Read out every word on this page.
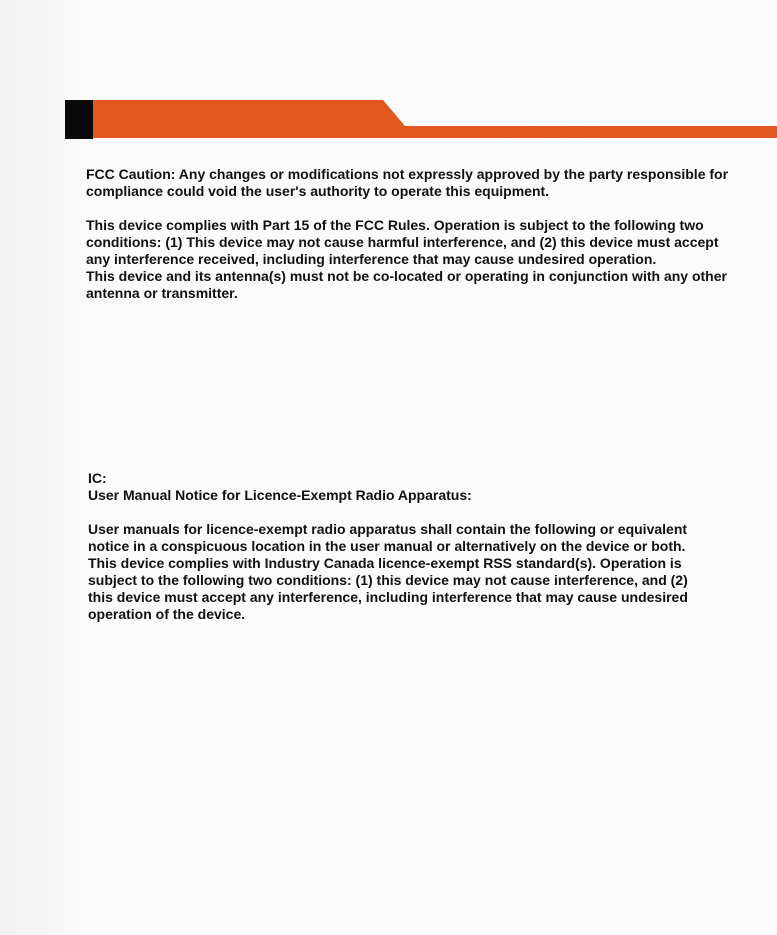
FCC Caution: Any changes or modifications not expressly approved by the party responsible for

compliance could void the user's authority to operate this equipment.

This device complies with Part 15 of the FCC Rules. Operation is subject to the following two

conditions: (1) This device may not cause harmful interference, and (2) this device must accept

any interference received, including interference that may cause undesired operation.

This device and its antenna(s) must not be co-located or operating in conjunction with any other

antenna or transmitter.

IC:

User Manual Notice for Licence-Exempt Radio Apparatus:

User manuals for licence-exempt radio apparatus shall contain the following or equivalent

notice in a conspicuous location in the user manual or alternatively on the device or both.

This device complies with Industry Canada licence-exempt RSS standard(s). Operation is

subject to the following two conditions: (1) this device may not cause interference, and (2)

this device must accept any interference, including interference that may cause undesired

operation of the device.
